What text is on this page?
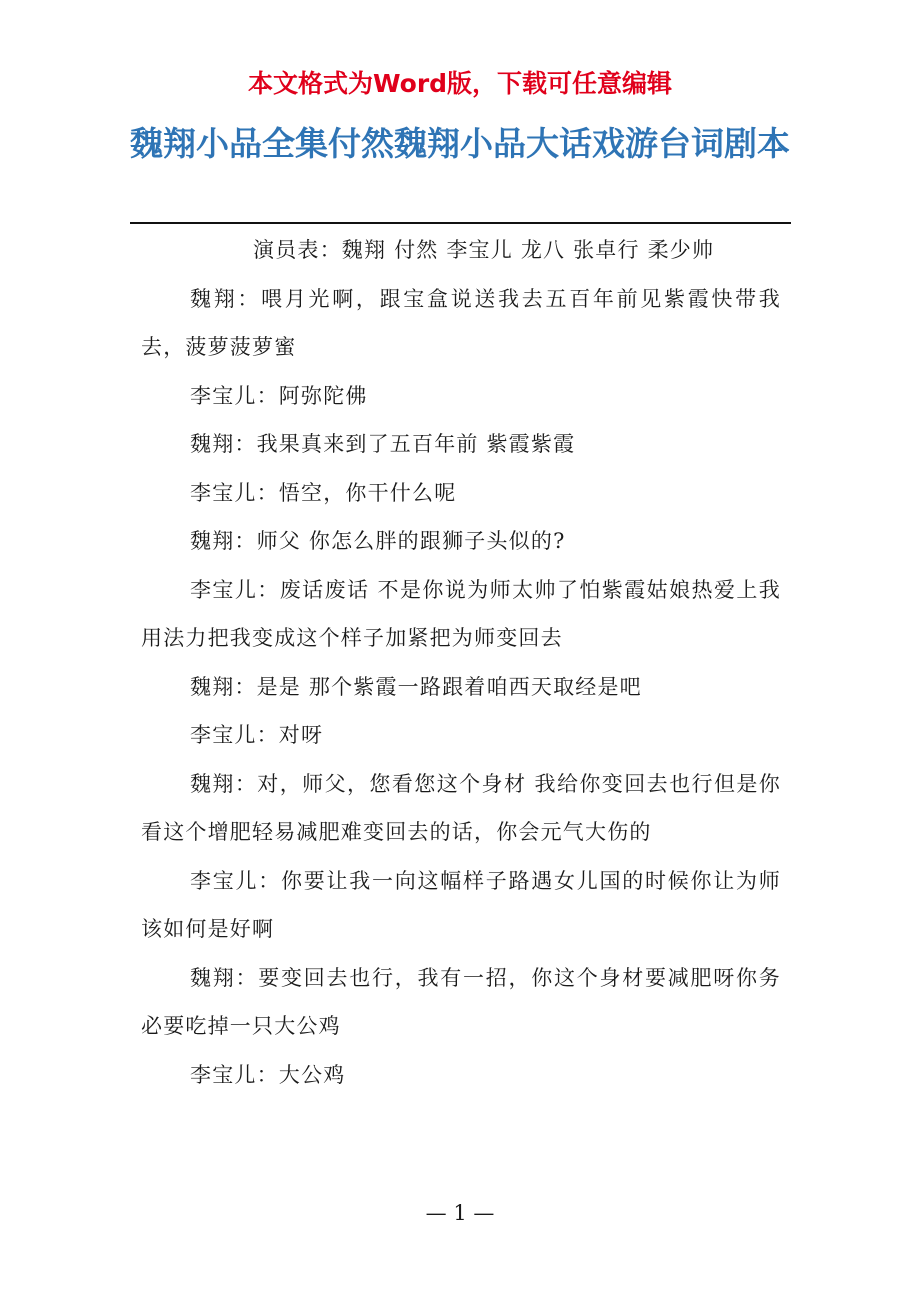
本文格式为Word版，下载可任意编辑
魏翔小品全集付然魏翔小品大话戏游台词剧本

演员表：魏翔 付然 李宝儿 龙八 张卓行 柔少帅

魏翔：喂月光啊，跟宝盒说送我去五百年前见紫霞快带我去，菠萝菠萝蜜

李宝儿：阿弥陀佛

魏翔：我果真来到了五百年前 紫霞紫霞

李宝儿：悟空，你干什么呢

魏翔：师父 你怎么胖的跟狮子头似的?

李宝儿：废话废话 不是你说为师太帅了怕紫霞姑娘热爱上我用法力把我变成这个样子加紧把为师变回去

魏翔：是是 那个紫霞一路跟着咱西天取经是吧

李宝儿：对呀

魏翔：对，师父，您看您这个身材 我给你变回去也行但是你看这个增肥轻易减肥难变回去的话，你会元气大伤的

李宝儿：你要让我一向这幅样子路遇女儿国的时候你让为师该如何是好啊

魏翔：要变回去也行，我有一招，你这个身材要减肥呀你务必要吃掉一只大公鸡

李宝儿：大公鸡

— 1 —
